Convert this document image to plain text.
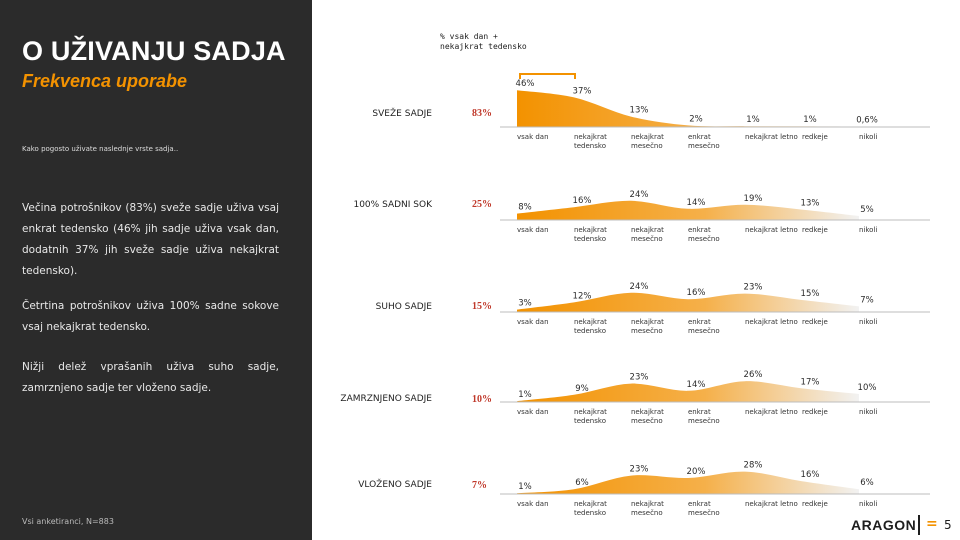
O UŽIVANJU SADJA
Frekvenca uporabe
Kako pogosto uživate naslednje vrste sadja..

Večina potrošnikov (83%) sveže sadje uživa vsaj enkrat tedensko (46% jih sadje uživa vsak dan, dodatnih 37% jih sveže sadje uživa nekajkrat tedensko).

Četrtina potrošnikov uživa 100% sadne sokove vsaj nekajkrat tedensko.

Nižji delež vprašanih uživa suho sadje, zamrznjeno sadje ter vloženo sadje.

Vsi anketiranci, N=883
% vsak dan +
nekajkrat tedensko
SVEŽE SADJE
100% SADNI SOK
SUHO SADJE
ZAMRZNJENO SADJE
VLOŽENO SADJE
83%
25%
15%
10%
7%
46%
37%
13%
2%	1%	1%	0,6%
vsak dan	nekajkrat
tedensko
nekajkrat
mesečno
enkrat
mesečno
nekajkrat letno redkeje	nikoli
8%
16%
24%
14%	19%	13%
5%
vsak dan	nekajkrat
tedensko
nekajkrat
mesečno
enkrat
mesečno
nekajkrat letno redkeje	nikoli
3%
12%
24%
16%
23%
15%
7%
vsak dan	nekajkrat
tedensko
nekajkrat
mesečno
enkrat
mesečno
nekajkrat letno redkeje	nikoli
1%
9%
23%
14%
26%
17%
10%
vsak dan	nekajkrat
tedensko
nekajkrat
mesečno
enkrat
mesečno
nekajkrat letno redkeje	nikoli
1%	6%
23%	20%
28%
16%
6%
vsak dan	nekajkrat
tedensko
nekajkrat
mesečno
enkrat
mesečno
nekajkrat letno redkeje	nikoli
ARAGON = 5
